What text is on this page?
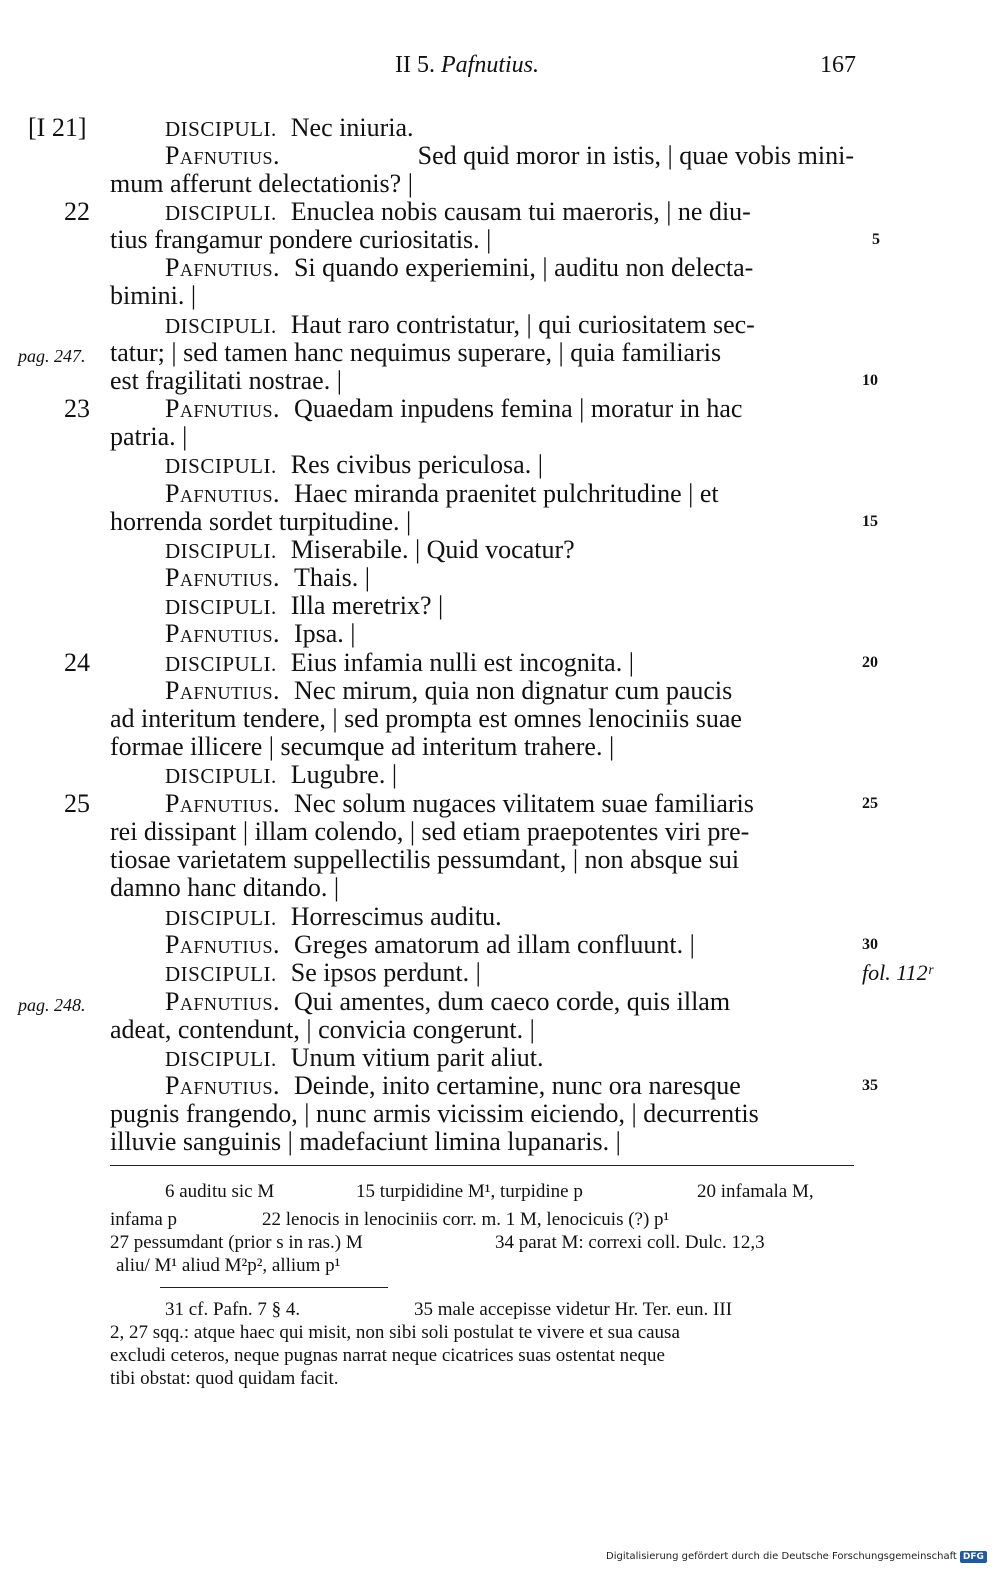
II 5. Pafnutius.	167
[I 21]	DISCIPULI. Nec iniuria.
Pafnutius.	Sed quid moror in istis, | quae vobis mini-
mum afferunt delectationis? |
22	DISCIPULI. Enuclea nobis causam tui maeroris, | ne diu-
tius frangamur pondere curiositatis. |	5
Pafnutius. Si quando experiemini, | auditu non delecta-
bimini. |
DISCIPULI. Haut raro contristatur, | qui curiositatem sec-
pag. 247. tatur; | sed tamen hanc nequimus superare, | quia familiaris
est fragilitati nostrae. |	10
23	Pafnutius. Quaedam inpudens femina | moratur in hac
patria. |
DISCIPULI. Res civibus periculosa. |
Pafnutius. Haec miranda praenitet pulchritudine | et
horrenda sordet turpitudine. |	15
DISCIPULI. Miserabile. | Quid vocatur?
Pafnutius. Thais. |
DISCIPULI. Illa meretrix? |
Pafnutius. Ipsa. |
24	DISCIPULI. Eius infamia nulli est incognita. |	20
Pafnutius. Nec mirum, quia non dignatur cum paucis
ad interitum tendere, | sed prompta est omnes lenociniis suae
formae illicere | secumque ad interitum trahere. |
DISCIPULI. Lugubre. |
25	Pafnutius. Nec solum nugaces vilitatem suae familiaris	25
rei dissipant | illam colendo, | sed etiam praepotentes viri pre-
tiosae varietatem suppellectilis pessumdant, | non absque sui
damno hanc ditando. |
DISCIPULI. Horrescimus auditu.
Pafnutius. Greges amatorum ad illam confluunt. |	30
DISCIPULI. Se ipsos perdunt. |	fol. 112ʳ
pag. 248.	Pafnutius. Qui amentes, dum caeco corde, quis illam
adeat, contendunt, | convicia congerunt. |
DISCIPULI. Unum vitium parit aliut.
Pafnutius. Deinde, inito certamine, nunc ora naresque	35
pugnis frangendo, | nunc armis vicissim eiciendo, | decurrentis
illuvie sanguinis | madefaciunt limina lupanaris. |
6 auditu sic M	15 turpididine M¹, turpidine p	20 infamala M,
infama p	22 lenocis in lenociniis corr. m. 1 M, lenocicuis (?) p¹
27 pessumdant (prior s in ras.) M	34 parat M: correxi coll. Dulc. 12,3
aliu/ M¹ aliud M²p², allium p¹
31 cf. Pafn. 7 § 4.	35 male accepisse videtur Hr. Ter. eun. III
2, 27 sqq.: atque haec qui misit, non sibi soli postulat te vivere et sua causa
excludi ceteros, neque pugnas narrat neque cicatrices suas ostentat neque
tibi obstat: quod quidam facit.
Digitalisierung gefördert durch die Deutsche Forschungsgemeinschaft DFG
